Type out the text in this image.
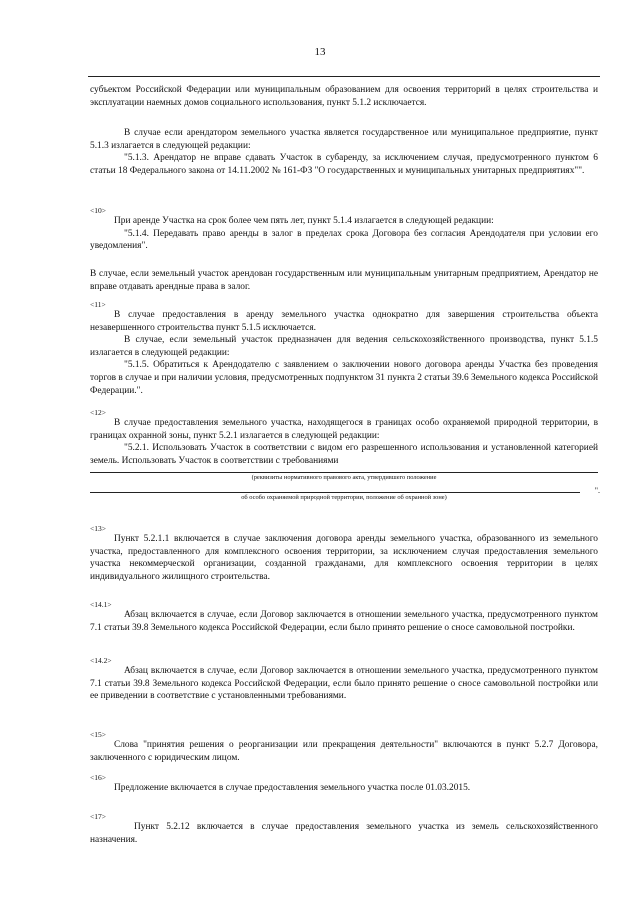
13

субъектом Российской Федерации или муниципальным образованием для освоения территорий в целях строительства и эксплуатации наемных домов социального использования, пункт 5.1.2 исключается.

В случае если арендатором земельного участка является государственное или муниципальное предприятие, пункт 5.1.3 излагается в следующей редакции:

"5.1.3. Арендатор не вправе сдавать Участок в субаренду, за исключением случая, предусмотренного пунктом 6 статьи 18 Федерального закона от 14.11.2002 № 161-ФЗ "О государственных и муниципальных унитарных предприятиях"".

<10>

При аренде Участка на срок более чем пять лет, пункт 5.1.4 излагается в следующей редакции:

"5.1.4. Передавать право аренды в залог в пределах срока Договора без согласия Арендодателя при условии его уведомления".

В случае, если земельный участок арендован государственным или муниципальным унитарным предприятием, Арендатор не вправе отдавать арендные права в залог.

<11>

В случае предоставления в аренду земельного участка однократно для завершения строительства объекта незавершенного строительства пункт 5.1.5 исключается.

В случае, если земельный участок предназначен для ведения сельскохозяйственного производства, пункт 5.1.5 излагается в следующей редакции:

"5.1.5. Обратиться к Арендодателю с заявлением о заключении нового договора аренды Участка без проведения торгов в случае и при наличии условия, предусмотренных подпунктом 31 пункта 2 статьи 39.6 Земельного кодекса Российской Федерации.".

<12>

В случае предоставления земельного участка, находящегося в границах особо охраняемой природной территории, в границах охранной зоны, пункт 5.2.1 излагается в следующей редакции:

"5.2.1. Использовать Участок в соответствии с видом его разрешенного использования и установленной категорией земель. Использовать Участок в соответствии с требованиями

(реквизиты нормативного правового акта, утвердившего положение
об особо охраняемой природной территории, положение об охранной зоне)
".
<13>

Пункт 5.2.1.1 включается в случае заключения договора аренды земельного участка, образованного из земельного участка, предоставленного для комплексного освоения территории, за исключением случая предоставления земельного участка некоммерческой организации, созданной гражданами, для комплексного освоения территории в целях индивидуального жилищного строительства.

<14.1>

Абзац включается в случае, если Договор заключается в отношении земельного участка, предусмотренного пунктом 7.1 статьи 39.8 Земельного кодекса Российской Федерации, если было принято решение о сносе самовольной постройки.

<14.2>

Абзац включается в случае, если Договор заключается в отношении земельного участка, предусмотренного пунктом 7.1 статьи 39.8 Земельного кодекса Российской Федерации, если было принято решение о сносе самовольной постройки или ее приведении в соответствие с установленными требованиями.

<15>

Слова "принятия решения о реорганизации или прекращения деятельности" включаются в пункт 5.2.7 Договора, заключенного с юридическим лицом.

<16>

Предложение включается в случае предоставления земельного участка после 01.03.2015.

<17>

Пункт 5.2.12 включается в случае предоставления земельного участка из земель сельскохозяйственного назначения.
